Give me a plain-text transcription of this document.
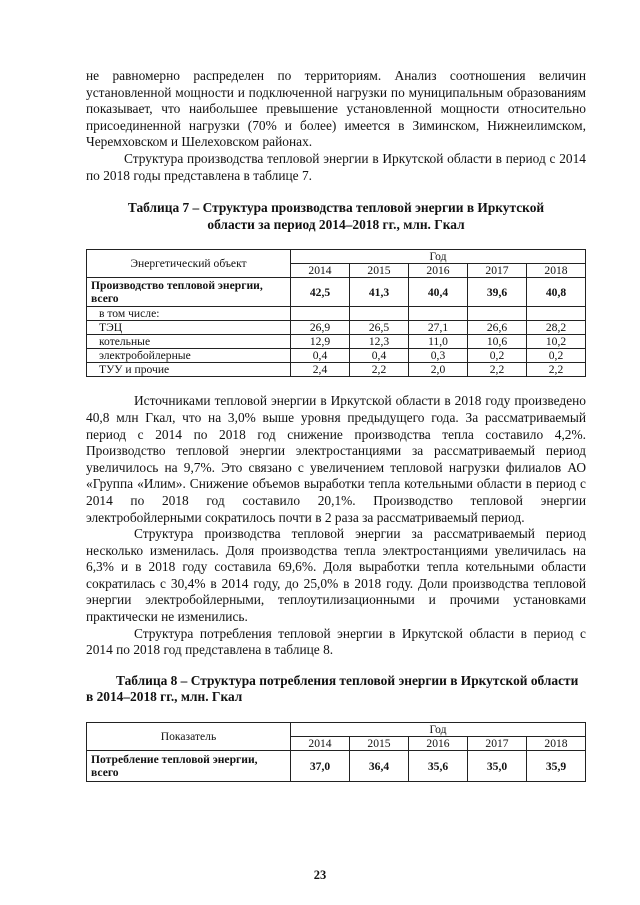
не равномерно распределен по территориям. Анализ соотношения величин установленной мощности и подключенной нагрузки по муниципальным образованиям показывает, что наибольшее превышение установленной мощности относительно присоединенной нагрузки (70% и более) имеется в Зиминском, Нижнеилимском, Черемховском и Шелеховском районах.

Структура производства тепловой энергии в Иркутской области в период с 2014 по 2018 годы представлена в таблице 7.

Таблица 7 – Структура производства тепловой энергии в Иркутской области за период 2014–2018 гг., млн. Гкал

Энергетический объект	Год				
	2014	2015	2016	2017	2018
Производство тепловой энергии, всего	42,5	41,3	40,4	39,6	40,8
в том числе:					
ТЭЦ	26,9	26,5	27,1	26,6	28,2
котельные	12,9	12,3	11,0	10,6	10,2
электробойлерные	0,4	0,4	0,3	0,2	0,2
ТУУ и прочие	2,4	2,2	2,0	2,2	2,2

Источниками тепловой энергии в Иркутской области в 2018 году произведено 40,8 млн Гкал, что на 3,0% выше уровня предыдущего года. За рассматриваемый период с 2014 по 2018 год снижение производства тепла составило 4,2%. Производство тепловой энергии электростанциями за рассматриваемый период увеличилось на 9,7%. Это связано с увеличением тепловой нагрузки филиалов АО «Группа «Илим». Снижение объемов выработки тепла котельными области в период с 2014 по 2018 год составило 20,1%. Производство тепловой энергии электробойлерными сократилось почти в 2 раза за рассматриваемый период.

Структура производства тепловой энергии за рассматриваемый период несколько изменилась. Доля производства тепла электростанциями увеличилась на 6,3% и в 2018 году составила 69,6%. Доля выработки тепла котельными области сократилась с 30,4% в 2014 году, до 25,0% в 2018 году. Доли производства тепловой энергии электробойлерными, теплоутилизационными и прочими установками практически не изменились.

Структура потребления тепловой энергии в Иркутской области в период с 2014 по 2018 год представлена в таблице 8.

Таблица 8 – Структура потребления тепловой энергии в Иркутской области в 2014–2018 гг., млн. Гкал

Показатель	Год				
	2014	2015	2016	2017	2018
Потребление тепловой энергии, всего	37,0	36,4	35,6	35,0	35,9
23
